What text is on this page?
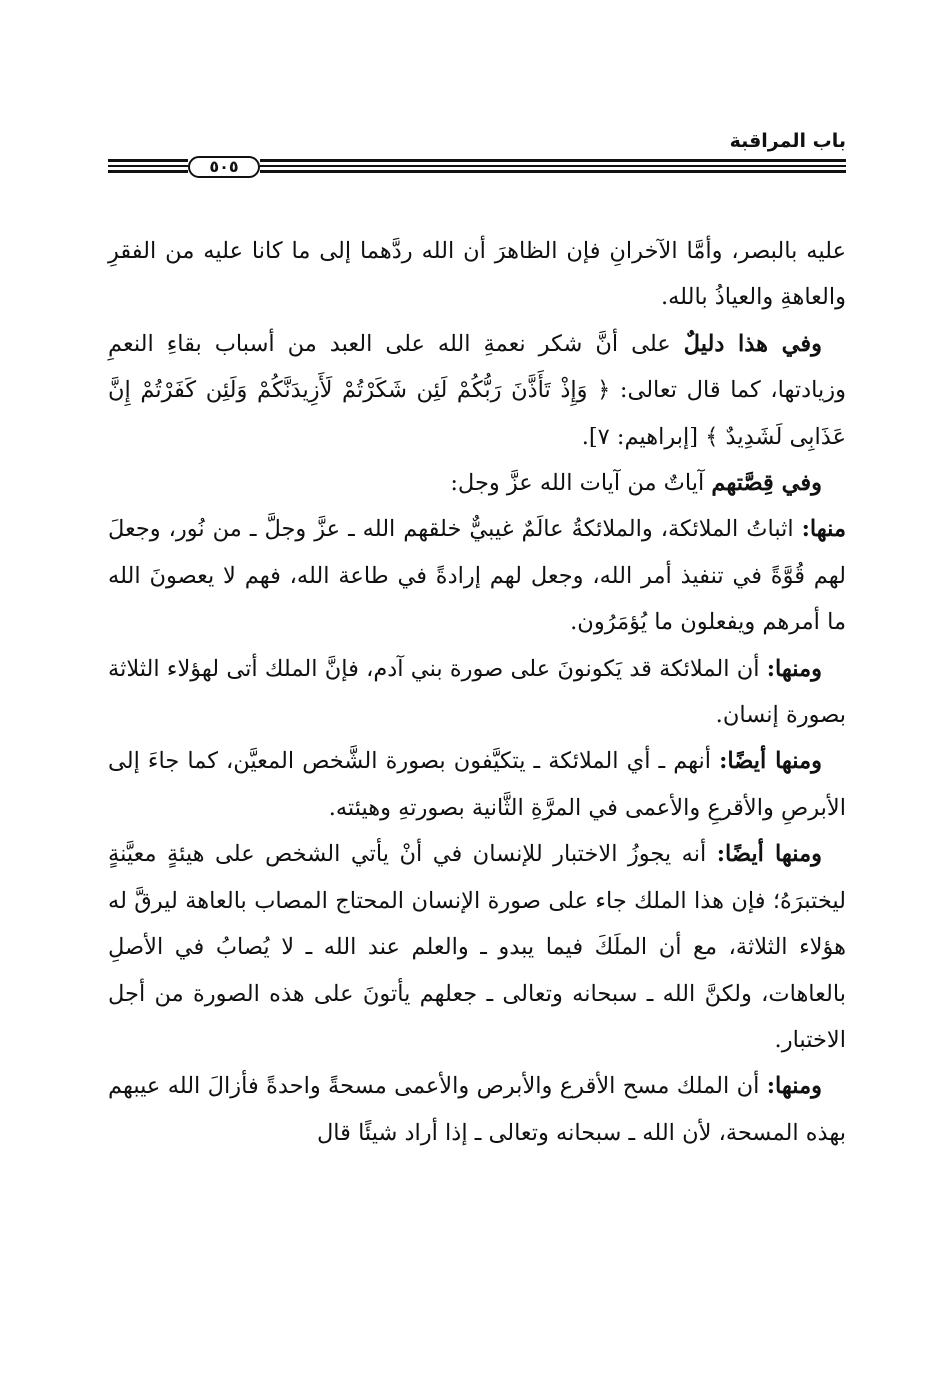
باب المراقبة
٥٠٥

عليه بالبصر، وأمَّا الآخرانِ فإن الظاهرَ أن الله ردَّهما إلى ما كانا عليه من الفقرِ والعاهةِ والعياذُ بالله.

وفي هذا دليلٌ على أنَّ شكر نعمةِ الله على العبد من أسباب بقاءِ النعمِ وزيادتها، كما قال تعالى: ﴿ وَإِذْ تَأَذَّنَ رَبُّكُمْ لَئِن شَكَرْتُمْ لَأَزِيدَنَّكُمْ وَلَئِن كَفَرْتُمْ إِنَّ عَذَابِى لَشَدِيدٌ ﴾ [إبراهيم: ٧].

وفي قِصَّتهم آياتٌ من آيات الله عزَّ وجل:

منها: اثباتُ الملائكة، والملائكةُ عالَمٌ غيبيٌّ خلقهم الله ـ عزَّ وجلَّ ـ من نُور، وجعلَ لهم قُوَّةً في تنفيذ أمر الله، وجعل لهم إرادةً في طاعة الله، فهم لا يعصونَ الله ما أمرهم ويفعلون ما يُؤمَرُون.

ومنها: أن الملائكة قد يَكونونَ على صورة بني آدم، فإنَّ الملك أتى لهؤلاء الثلاثة بصورة إنسان.

ومنها أيضًا: أنهم ـ أي الملائكة ـ يتكيَّفون بصورة الشَّخص المعيَّن، كما جاءَ إلى الأبرصِ والأقرعِ والأعمى في المرَّةِ الثَّانية بصورتهِ وهيئته.

ومنها أيضًا: أنه يجوزُ الاختبار للإنسان في أنْ يأتي الشخص على هيئةٍ معيَّنةٍ ليختبرَهُ؛ فإن هذا الملك جاء على صورة الإنسان المحتاج المصاب بالعاهة ليرقَّ له هؤلاء الثلاثة، مع أن الملَكَ فيما يبدو ـ والعلم عند الله ـ لا يُصابُ في الأصلِ بالعاهات، ولكنَّ الله ـ سبحانه وتعالى ـ جعلهم يأتونَ على هذه الصورة من أجل الاختبار.

ومنها: أن الملك مسح الأقرع والأبرص والأعمى مسحةً واحدةً فأزالَ الله عيبهم بهذه المسحة، لأن الله ـ سبحانه وتعالى ـ إذا أراد شيئًا قال
